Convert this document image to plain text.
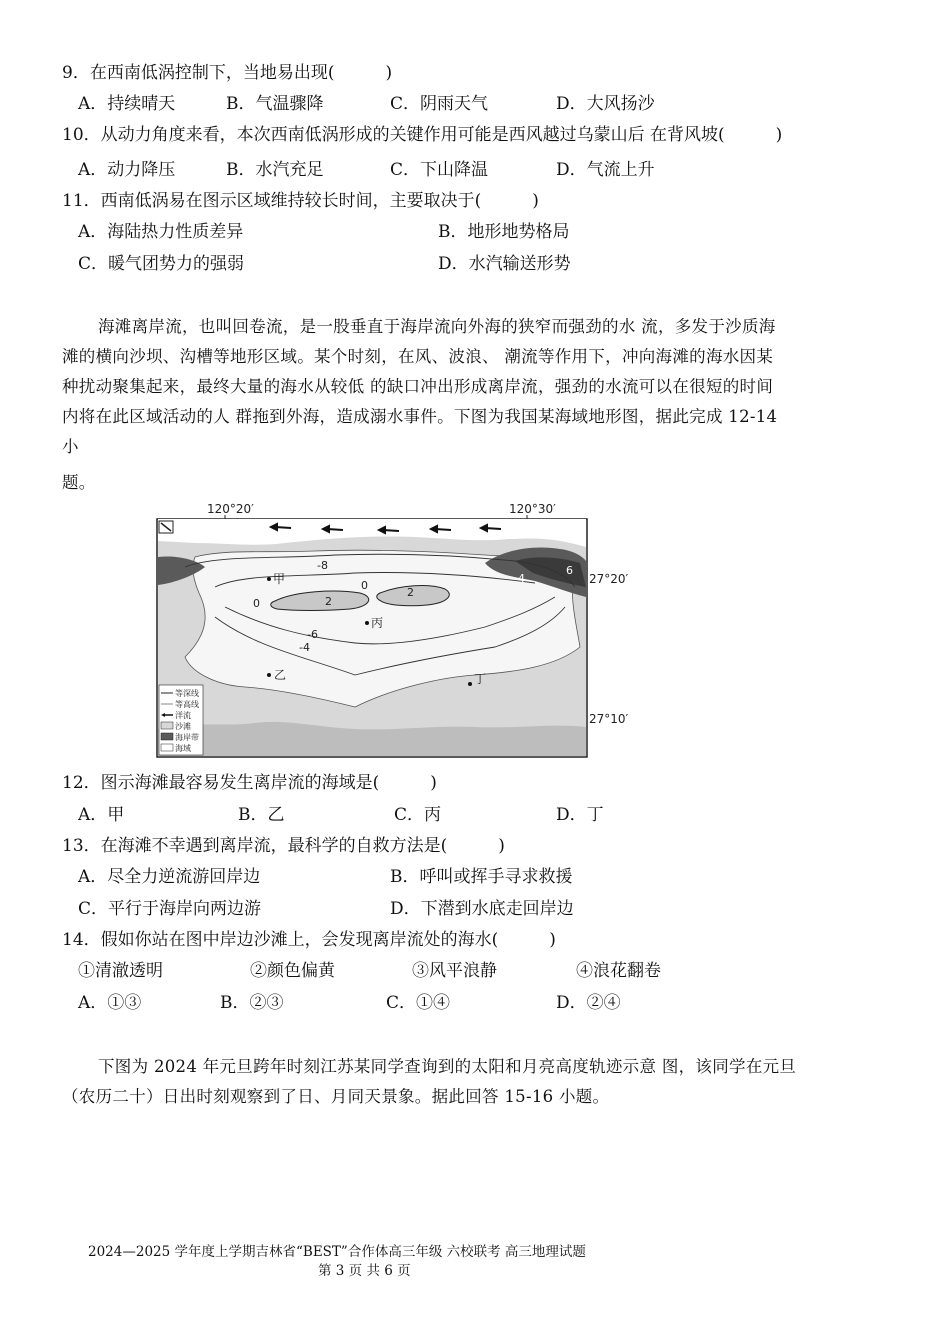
9．在西南低涡控制下，当地易出现(　　　)
A．持续晴天	B．气温骤降	C．阴雨天气	D．大风扬沙
10．从动力角度来看，本次西南低涡形成的关键作用可能是西风越过乌蒙山后 在背风坡(　　　)
A．动力降压	B．水汽充足	C．下山降温	D．气流上升
11．西南低涡易在图示区域维持较长时间，主要取决于(　　　)
A．海陆热力性质差异	B．地形地势格局
C．暖气团势力的强弱	D．水汽输送形势
海滩离岸流，也叫回卷流，是一股垂直于海岸流向外海的狭窄而强劲的水 流，多发于沙质海
滩的横向沙坝、沟槽等地形区域。某个时刻，在风、波浪、 潮流等作用下，冲向海滩的海水因某
种扰动聚集起来，最终大量的海水从较低 的缺口冲出形成离岸流，强劲的水流可以在很短的时间
内将在此区域活动的人 群拖到外海，造成溺水事件。下图为我国某海域地形图，据此完成 12-14
小
题。
120°20′	120°30′
-8
0
2
2
0
-6
-4
4
6
甲
乙
丙
丁
等深线
等高线
洋流
沙滩
海岸带
海域
27°20′
27°10′
12．图示海滩最容易发生离岸流的海域是(　　　)
A．甲	B．乙	C．丙	D．丁
13．在海滩不幸遇到离岸流，最科学的自救方法是(　　　)
A．尽全力逆流游回岸边	B．呼叫或挥手寻求救援
C．平行于海岸向两边游	D．下潜到水底走回岸边
14．假如你站在图中岸边沙滩上，会发现离岸流处的海水(　　　)
①清澈透明	②颜色偏黄	③风平浪静	④浪花翻卷
A．①③	B．②③	C．①④	D．②④
下图为 2024 年元旦跨年时刻江苏某同学查询到的太阳和月亮高度轨迹示意 图，该同学在元旦
（农历二十）日出时刻观察到了日、月同天景象。据此回答 15-16 小题。
2024—2025 学年度上学期吉林省“BEST”合作体高三年级 六校联考 高三地理试题
第 3 页 共 6 页
